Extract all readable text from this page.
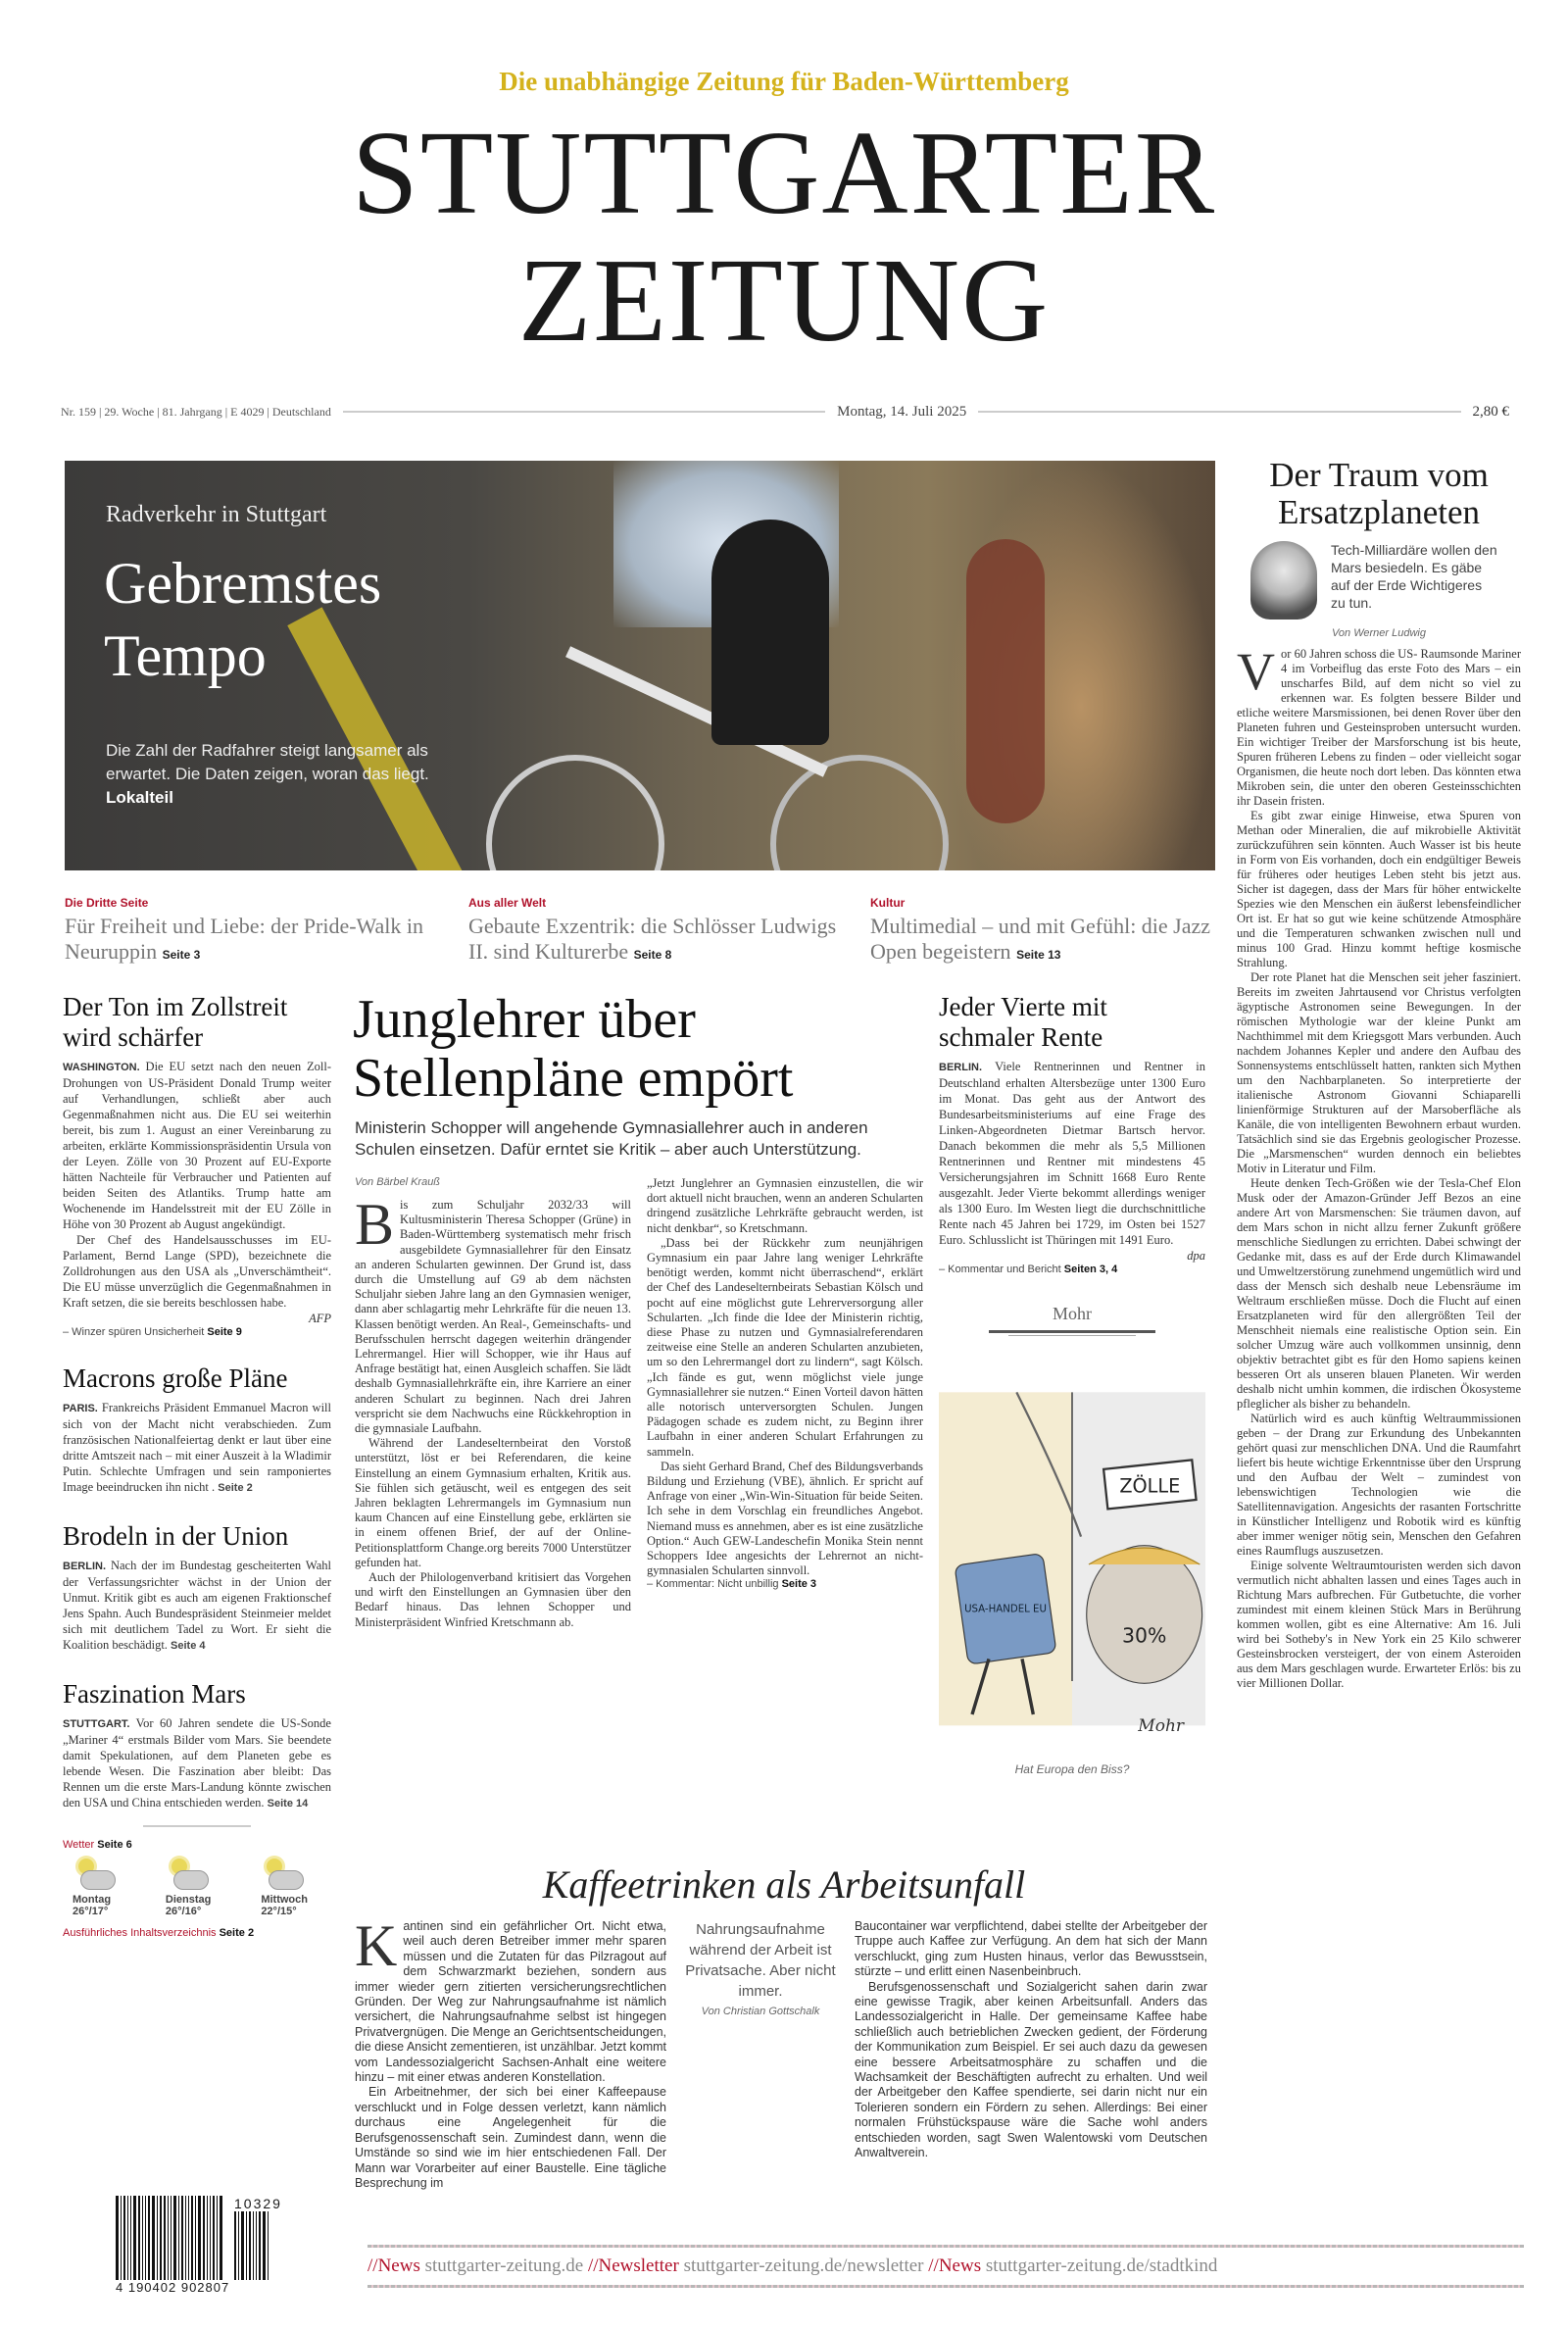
Die unabhängige Zeitung für Baden-Württemberg
STUTTGARTER
ZEITUNG
Nr. 159 | 29. Woche | 81. Jahrgang | E 4029 | Deutschland	Montag, 14. Juli 2025	2,80 €
Radverkehr in Stuttgart
Gebremstes
Tempo
Die Zahl der Radfahrer steigt langsamer als erwartet. Die Daten zeigen, woran das liegt. Lokalteil
Die Dritte Seite
Für Freiheit und Liebe: der Pride-Walk in Neuruppin Seite 3
Aus aller Welt
Gebaute Exzentrik: die Schlösser Ludwigs II. sind Kulturerbe Seite 8
Kultur
Multimedial – und mit Gefühl: die Jazz Open begeistern Seite 13
Der Ton im Zollstreit wird schärfer
WASHINGTON. Die EU setzt nach den neuen Zoll-Drohungen von US-Präsident Donald Trump weiter auf Verhandlungen, schließt aber auch Gegenmaßnahmen nicht aus. Die EU sei weiterhin bereit, bis zum 1. August an einer Vereinbarung zu arbeiten, erklärte Kommissionspräsidentin Ursula von der Leyen. Zölle von 30 Prozent auf EU-Exporte hätten Nachteile für Verbraucher und Patienten auf beiden Seiten des Atlantiks. Trump hatte am Wochenende im Handelsstreit mit der EU Zölle in Höhe von 30 Prozent ab August angekündigt.
Der Chef des Handelsausschusses im EU-Parlament, Bernd Lange (SPD), bezeichnete die Zolldrohungen aus den USA als „Unverschämtheit“. Die EU müsse unverzüglich die Gegenmaßnahmen in Kraft setzen, die sie bereits beschlossen habe.
AFP
– Winzer spüren Unsicherheit Seite 9
Macrons große Pläne
PARIS. Frankreichs Präsident Emmanuel Macron will sich von der Macht nicht verabschieden. Zum französischen Nationalfeiertag denkt er laut über eine dritte Amtszeit nach – mit einer Auszeit à la Wladimir Putin. Schlechte Umfragen und sein ramponiertes Image beeindrucken ihn nicht . Seite 2
Brodeln in der Union
BERLIN. Nach der im Bundestag gescheiterten Wahl der Verfassungsrichter wächst in der Union der Unmut. Kritik gibt es auch am eigenen Fraktionschef Jens Spahn. Auch Bundespräsident Steinmeier meldet sich mit deutlichem Tadel zu Wort. Er sieht die Koalition beschädigt. Seite 4
Faszination Mars
STUTTGART. Vor 60 Jahren sendete die US-Sonde „Mariner 4“ erstmals Bilder vom Mars. Sie beendete damit Spekulationen, auf dem Planeten gebe es lebende Wesen. Die Faszination aber bleibt: Das Rennen um die erste Mars-Landung könnte zwischen den USA und China entschieden werden. Seite 14
Wetter Seite 6
Montag
26°/17°
Dienstag
26°/16°
Mittwoch
22°/15°
Ausführliches Inhaltsverzeichnis Seite 2
Junglehrer über
Stellenpläne empört
Ministerin Schopper will angehende Gymnasiallehrer auch in anderen Schulen einsetzen. Dafür erntet sie Kritik – aber auch Unterstützung.
Von Bärbel Krauß
Bis zum Schuljahr 2032/33 will Kultusministerin Theresa Schopper (Grüne) in Baden-Württemberg systematisch mehr frisch ausgebildete Gymnasiallehrer für den Einsatz an anderen Schularten gewinnen. Der Grund ist, dass durch die Umstellung auf G9 ab dem nächsten Schuljahr sieben Jahre lang an den Gymnasien weniger, dann aber schlagartig mehr Lehrkräfte für die neuen 13. Klassen benötigt werden. An Real-, Gemeinschafts- und Berufsschulen herrscht dagegen weiterhin drängender Lehrermangel. Hier will Schopper, wie ihr Haus auf Anfrage bestätigt hat, einen Ausgleich schaffen. Sie lädt deshalb Gymnasiallehrkräfte ein, ihre Karriere an einer anderen Schulart zu beginnen. Nach drei Jahren verspricht sie dem Nachwuchs eine Rückkehroption in die gymnasiale Laufbahn.
Während der Landeselternbeirat den Vorstoß unterstützt, löst er bei Referendaren, die keine Einstellung an einem Gymnasium erhalten, Kritik aus. Sie fühlen sich getäuscht, weil es entgegen des seit Jahren beklagten Lehrermangels im Gymnasium nun kaum Chancen auf eine Einstellung gebe, erklärten sie in einem offenen Brief, der auf der Online-Petitionsplattform Change.org bereits 7000 Unterstützer gefunden hat.
Auch der Philologenverband kritisiert das Vorgehen und wirft den Einstellungen an Gymnasien über den Bedarf hinaus. Das lehnen Schopper und Ministerpräsident Winfried Kretschmann ab.
„Jetzt Junglehrer an Gymnasien einzustellen, die wir dort aktuell nicht brauchen, wenn an anderen Schularten dringend zusätzliche Lehrkräfte gebraucht werden, ist nicht denkbar“, so Kretschmann.
„Dass bei der Rückkehr zum neunjährigen Gymnasium ein paar Jahre lang weniger Lehrkräfte benötigt werden, kommt nicht überraschend“, erklärt der Chef des Landeselternbeirats Sebastian Kölsch und pocht auf eine möglichst gute Lehrerversorgung aller Schularten. „Ich finde die Idee der Ministerin richtig, diese Phase zu nutzen und Gymnasialreferendaren zeitweise eine Stelle an anderen Schularten anzubieten, um so den Lehrermangel dort zu lindern“, sagt Kölsch. „Ich fände es gut, wenn möglichst viele junge Gymnasiallehrer sie nutzen.“ Einen Vorteil davon hätten alle notorisch unterversorgten Schulen. Jungen Pädagogen schade es zudem nicht, zu Beginn ihrer Laufbahn in einer anderen Schulart Erfahrungen zu sammeln.
Das sieht Gerhard Brand, Chef des Bildungsverbands Bildung und Erziehung (VBE), ähnlich. Er spricht auf Anfrage von einer „Win-Win-Situation für beide Seiten. Ich sehe in dem Vorschlag ein freundliches Angebot. Niemand muss es annehmen, aber es ist eine zusätzliche Option.“ Auch GEW-Landeschefin Monika Stein nennt Schoppers Idee angesichts der Lehrernot an nicht-gymnasialen Schularten sinnvoll.
– Kommentar: Nicht unbillig Seite 3
Jeder Vierte mit schmaler Rente
BERLIN. Viele Rentnerinnen und Rentner in Deutschland erhalten Altersbezüge unter 1300 Euro im Monat. Das geht aus der Antwort des Bundesarbeitsministeriums auf eine Frage des Linken-Abgeordneten Dietmar Bartsch hervor. Danach bekommen die mehr als 5,5 Millionen Rentnerinnen und Rentner mit mindestens 45 Versicherungsjahren im Schnitt 1668 Euro Rente ausgezahlt. Jeder Vierte bekommt allerdings weniger als 1300 Euro. Im Westen liegt die durchschnittliche Rente nach 45 Jahren bei 1729, im Osten bei 1527 Euro. Schlusslicht ist Thüringen mit 1491 Euro.
dpa
– Kommentar und Bericht Seiten 3, 4
Mohr
USA-HANDEL EU
ZÖLLE
30%
Mohr
Hat Europa den Biss?
Kaffeetrinken als Arbeitsunfall
Kantinen sind ein gefährlicher Ort. Nicht etwa, weil auch deren Betreiber immer mehr sparen müssen und die Zutaten für das Pilzragout auf dem Schwarzmarkt beziehen, sondern aus immer wieder gern zitierten versicherungsrechtlichen Gründen. Der Weg zur Nahrungsaufnahme ist nämlich versichert, die Nahrungsaufnahme selbst ist hingegen Privatvergnügen. Die Menge an Gerichtsentscheidungen, die diese Ansicht zementieren, ist unzählbar. Jetzt kommt vom Landessozialgericht Sachsen-Anhalt eine weitere hinzu – mit einer etwas anderen Konstellation.
Ein Arbeitnehmer, der sich bei einer Kaffeepause verschluckt und in Folge dessen verletzt, kann nämlich durchaus eine Angelegenheit für die Berufsgenossenschaft sein. Zumindest dann, wenn die Umstände so sind wie im hier entschiedenen Fall. Der Mann war Vorarbeiter auf einer Baustelle. Eine tägliche Besprechung im
Nahrungsaufnahme während der Arbeit ist Privatsache. Aber nicht immer.
Von Christian Gottschalk
Baucontainer war verpflichtend, dabei stellte der Arbeitgeber der Truppe auch Kaffee zur Verfügung. An dem hat sich der Mann verschluckt, ging zum Husten hinaus, verlor das Bewusstsein, stürzte – und erlitt einen Nasenbeinbruch.
Berufsgenossenschaft und Sozialgericht sahen darin zwar eine gewisse Tragik, aber keinen Arbeitsunfall. Anders das Landessozialgericht in Halle. Der gemeinsame Kaffee habe schließlich auch betrieblichen Zwecken gedient, der Förderung der Kommunikation zum Beispiel. Er sei auch dazu da gewesen eine bessere Arbeitsatmosphäre zu schaffen und die Wachsamkeit der Beschäftigten aufrecht zu erhalten. Und weil der Arbeitgeber den Kaffee spendierte, sei darin nicht nur ein Tolerieren sondern ein Fördern zu sehen. Allerdings: Bei einer normalen Frühstückspause wäre die Sache wohl anders entschieden worden, sagt Swen Walentowski vom Deutschen Anwaltverein.
Der Traum vom Ersatzplaneten
Tech-Milliardäre wollen den Mars besiedeln. Es gäbe auf der Erde Wichtigeres zu tun.
Von Werner Ludwig
Vor 60 Jahren schoss die US- Raumsonde Mariner 4 im Vorbeiflug das erste Foto des Mars – ein unscharfes Bild, auf dem nicht so viel zu erkennen war. Es folgten bessere Bilder und etliche weitere Marsmissionen, bei denen Rover über den Planeten fuhren und Gesteinsproben untersucht wurden. Ein wichtiger Treiber der Marsforschung ist bis heute, Spuren früheren Lebens zu finden – oder vielleicht sogar Organismen, die heute noch dort leben. Das könnten etwa Mikroben sein, die unter den oberen Gesteinsschichten ihr Dasein fristen.
Es gibt zwar einige Hinweise, etwa Spuren von Methan oder Mineralien, die auf mikrobielle Aktivität zurückzuführen sein könnten. Auch Wasser ist bis heute in Form von Eis vorhanden, doch ein endgültiger Beweis für früheres oder heutiges Leben steht bis jetzt aus. Sicher ist dagegen, dass der Mars für höher entwickelte Spezies wie den Menschen ein äußerst lebensfeindlicher Ort ist. Er hat so gut wie keine schützende Atmosphäre und die Temperaturen schwanken zwischen null und minus 100 Grad. Hinzu kommt heftige kosmische Strahlung.
Der rote Planet hat die Menschen seit jeher fasziniert. Bereits im zweiten Jahrtausend vor Christus verfolgten ägyptische Astronomen seine Bewegungen. In der römischen Mythologie war der kleine Punkt am Nachthimmel mit dem Kriegsgott Mars verbunden. Auch nachdem Johannes Kepler und andere den Aufbau des Sonnensystems entschlüsselt hatten, rankten sich Mythen um den Nachbarplaneten. So interpretierte der italienische Astronom Giovanni Schiaparelli linienförmige Strukturen auf der Marsoberfläche als Kanäle, die von intelligenten Bewohnern erbaut wurden. Tatsächlich sind sie das Ergebnis geologischer Prozesse. Die „Marsmenschen“ wurden dennoch ein beliebtes Motiv in Literatur und Film.
Heute denken Tech-Größen wie der Tesla-Chef Elon Musk oder der Amazon-Gründer Jeff Bezos an eine andere Art von Marsmenschen: Sie träumen davon, auf dem Mars schon in nicht allzu ferner Zukunft größere menschliche Siedlungen zu errichten. Dabei schwingt der Gedanke mit, dass es auf der Erde durch Klimawandel und Umweltzerstörung zunehmend ungemütlich wird und dass der Mensch sich deshalb neue Lebensräume im Weltraum erschließen müsse. Doch die Flucht auf einen Ersatzplaneten wird für den allergrößten Teil der Menschheit niemals eine realistische Option sein. Ein solcher Umzug wäre auch vollkommen unsinnig, denn objektiv betrachtet gibt es für den Homo sapiens keinen besseren Ort als unseren blauen Planeten. Wir werden deshalb nicht umhin kommen, die irdischen Ökosysteme pfleglicher als bisher zu behandeln.
Natürlich wird es auch künftig Weltraummissionen geben – der Drang zur Erkundung des Unbekannten gehört quasi zur menschlichen DNA. Und die Raumfahrt liefert bis heute wichtige Erkenntnisse über den Ursprung und den Aufbau der Welt – zumindest von lebenswichtigen Technologien wie die Satellitennavigation. Angesichts der rasanten Fortschritte in Künstlicher Intelligenz und Robotik wird es künftig aber immer weniger nötig sein, Menschen den Gefahren eines Raumflugs auszusetzen.
Einige solvente Weltraumtouristen werden sich davon vermutlich nicht abhalten lassen und eines Tages auch in Richtung Mars aufbrechen. Für Gutbetuchte, die vorher zumindest mit einem kleinen Stück Mars in Berührung kommen wollen, gibt es eine Alternative: Am 16. Juli wird bei Sotheby's in New York ein 25 Kilo schwerer Gesteinsbrocken versteigert, der von einem Asteroiden aus dem Mars geschlagen wurde. Erwarteter Erlös: bis zu vier Millionen Dollar.
10329
4 190402 902807
//News stuttgarter-zeitung.de //Newsletter stuttgarter-zeitung.de/newsletter //News stuttgarter-zeitung.de/stadtkind
